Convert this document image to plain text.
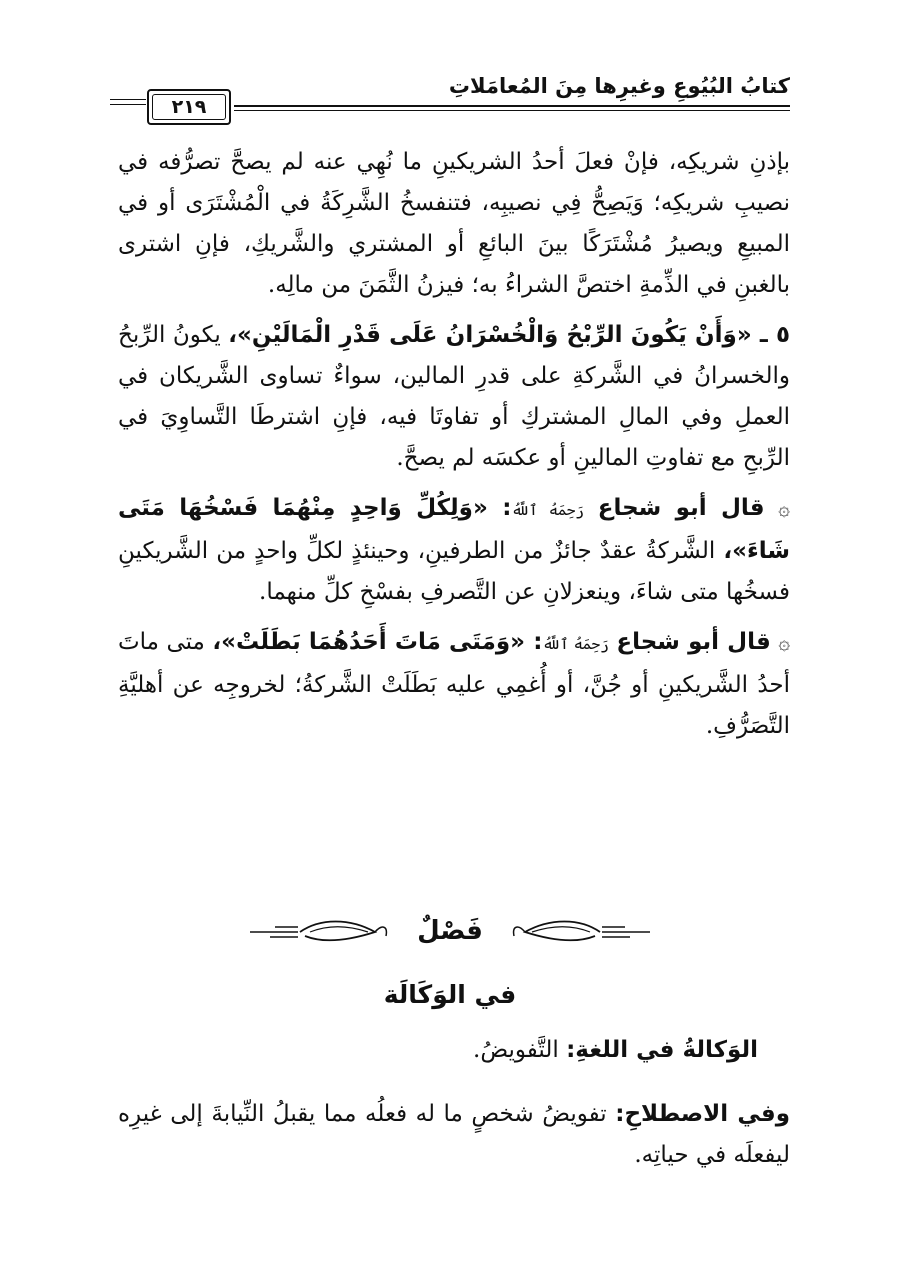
كتابُ البُيُوعِ وغيرِها مِنَ المُعامَلاتِ
٢١٩

بإذنِ شريكِه، فإنْ فعلَ أحدُ الشريكينِ ما نُهِي عنه لم يصحَّ تصرُّفه في نصيبِ شريكِه؛ وَيَصِحُّ فِي نصيبِه، فتنفسخُ الشَّرِكَةُ في الْمُشْتَرَى أو في المبيعِ ويصيرُ مُشْتَرَكًا بينَ البائعِ أو المشتري والشَّريكِ، فإنِ اشترى بالغبنِ في الذِّمةِ اختصَّ الشراءُ به؛ فيزنُ الثَّمَنَ من مالِه.

٥ ـ «وَأَنْ يَكُونَ الرِّبْحُ وَالْخُسْرَانُ عَلَى قَدْرِ الْمَالَيْنِ»، يكونُ الرِّبحُ والخسرانُ في الشَّركةِ على قدرِ المالين، سواءٌ تساوى الشَّريكان في العملِ وفي المالِ المشتركِ أو تفاوتَا فيه، فإنِ اشترطَا التَّساوِيَ في الرِّبحِ مع تفاوتِ المالينِ أو عكسَه لم يصحَّ.

۞ قال أبو شجاع رَحِمَهُ ٱللَّهُ: «وَلِكُلِّ وَاحِدٍ مِنْهُمَا فَسْخُهَا مَتَى شَاءَ»، الشَّركةُ عقدٌ جائزٌ من الطرفينِ، وحينئذٍ لكلِّ واحدٍ من الشَّريكينِ فسخُها متى شاءَ، وينعزلانِ عن التَّصرفِ بفسْخِ كلِّ منهما.

۞ قال أبو شجاع رَحِمَهُ ٱللَّهُ: «وَمَتَى مَاتَ أَحَدُهُمَا بَطَلَتْ»، متى ماتَ أحدُ الشَّريكينِ أو جُنَّ، أو أُغمِي عليه بَطَلَتْ الشَّركةُ؛ لخروجِه عن أهليَّةِ التَّصَرُّفِ.

فَصْلٌ
في الوَكَالَة
الوَكالةُ في اللغةِ: التَّفويضُ.
وفي الاصطلاحِ: تفويضُ شخصٍ ما له فعلُه مما يقبلُ النِّيابةَ إلى غيرِه ليفعلَه في حياتِه.
